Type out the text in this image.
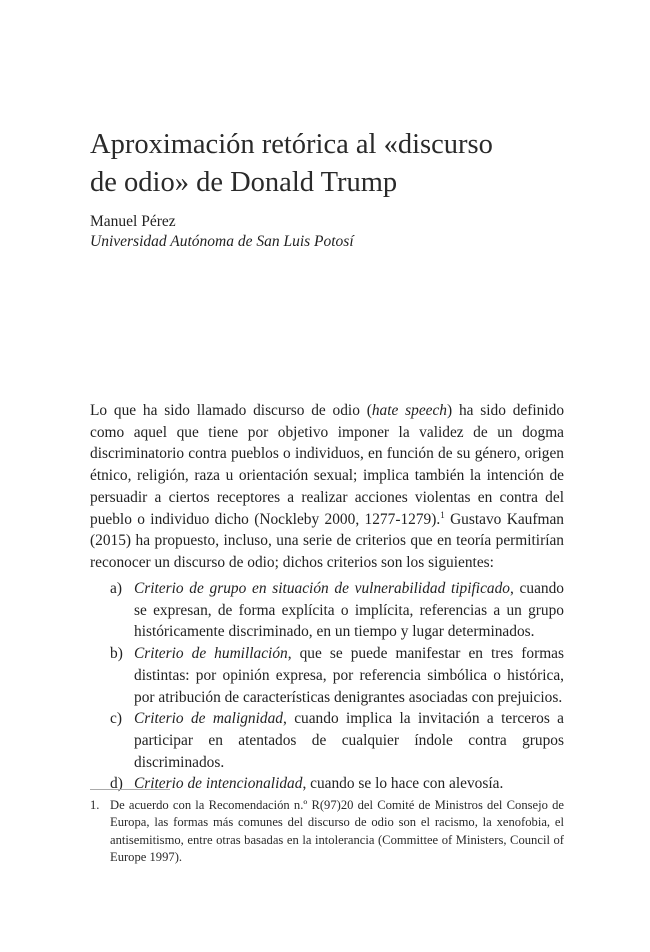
Aproximación retórica al «discurso
de odio» de Donald Trump
Manuel Pérez
Universidad Autónoma de San Luis Potosí

Lo que ha sido llamado discurso de odio (hate speech) ha sido definido como aquel que tiene por objetivo imponer la validez de un dogma discriminatorio contra pueblos o individuos, en función de su género, origen étnico, religión, raza u orientación sexual; implica también la intención de persuadir a ciertos receptores a realizar acciones violentas en contra del pueblo o individuo dicho (Nockleby 2000, 1277-1279).$^1$ Gustavo Kaufman (2015) ha propuesto, incluso, una serie de criterios que en teoría permitirían reconocer un discurso de odio; dichos criterios son los siguientes:

a) Criterio de grupo en situación de vulnerabilidad tipificado, cuando se expresan, de forma explícita o implícita, referencias a un grupo históricamente discriminado, en un tiempo y lugar determinados.
b) Criterio de humillación, que se puede manifestar en tres formas distintas: por opinión expresa, por referencia simbólica o histórica, por atribución de características denigrantes asociadas con prejuicios.
c) Criterio de malignidad, cuando implica la invitación a terceros a participar en atentados de cualquier índole contra grupos discriminados.
d) Criterio de intencionalidad, cuando se lo hace con alevosía.
1. De acuerdo con la Recomendación n.º R(97)20 del Comité de Ministros del Consejo de Europa, las formas más comunes del discurso de odio son el racismo, la xenofobia, el antisemitismo, entre otras basadas en la intolerancia (Committee of Ministers, Council of Europe 1997).
